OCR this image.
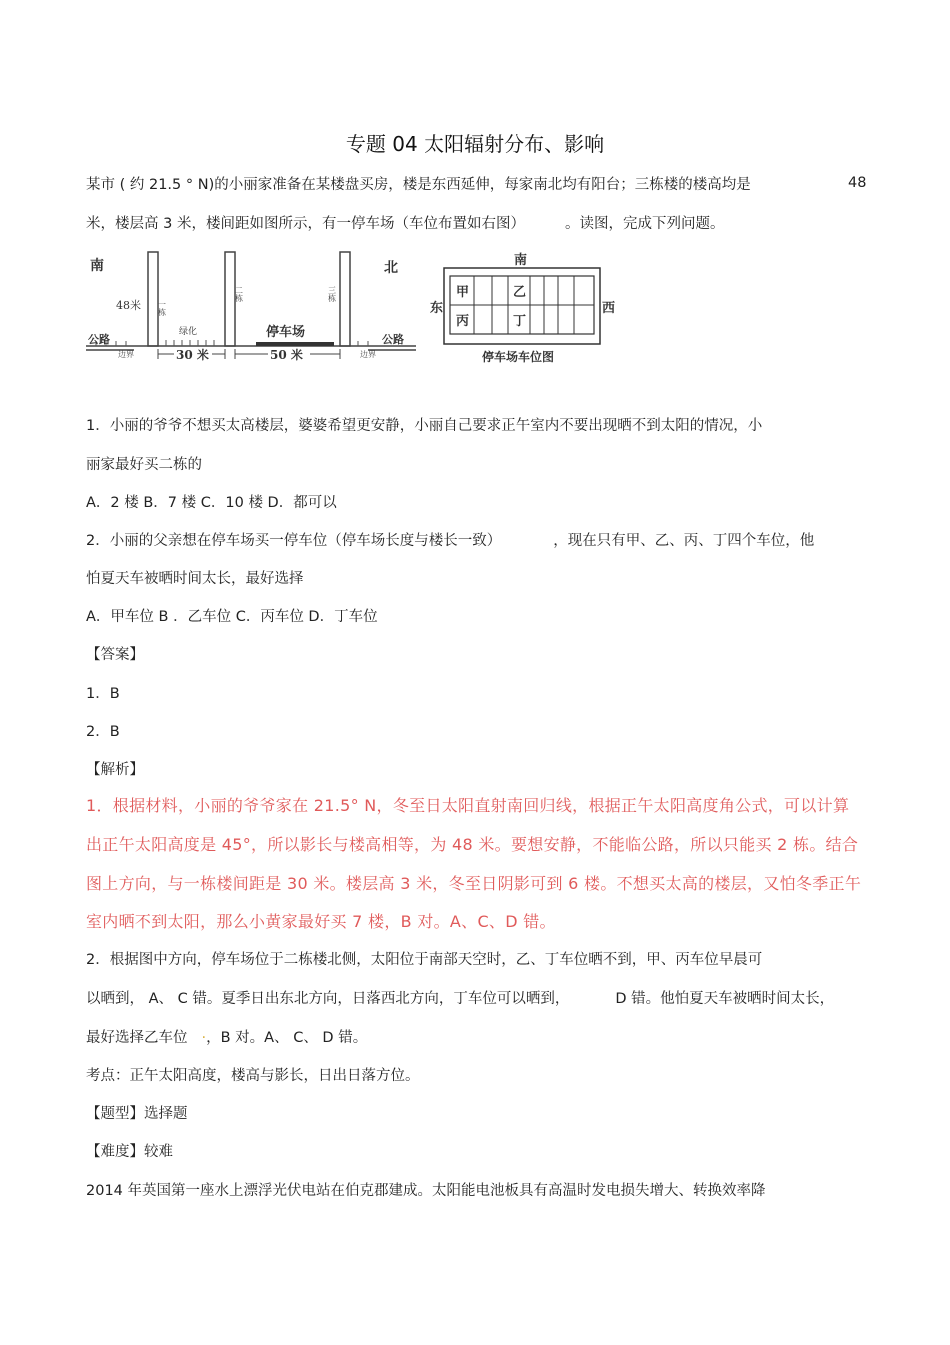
专题 04 太阳辐射分布、影响
某市 ( 约 21.5 ° N)的小丽家准备在某楼盘买房，楼是东西延伸，每家南北均有阳台；三栋楼的楼高均是	48
米，楼层高 3 米，楼间距如图所示，有一停车场（车位布置如右图）	。读图，完成下列问题。
南	北
48米 一栋
二栋	三栋
绿化	停车场
公路	公路
边界	边界
30 米	50 米
南
东	西
甲	乙
丙	丁
停车场车位图
1．小丽的爷爷不想买太高楼层，婆婆希望更安静，小丽自己要求正午室内不要出现晒不到太阳的情况，小
丽家最好买二栋的
A．2 楼 B．7 楼 C．10 楼 D．都可以
2．小丽的父亲想在停车场买一停车位（停车场长度与楼长一致）	，现在只有甲、乙、丙、丁四个车位，他
怕夏天车被晒时间太长，最好选择
A．甲车位 B ．乙车位 C．丙车位 D．丁车位
【答案】
1．B
2．B
【解析】
1．根据材料，小丽的爷爷家在 21.5° N，冬至日太阳直射南回归线，根据正午太阳高度角公式，可以计算
出正午太阳高度是 45°，所以影长与楼高相等，为 48 米。要想安静，不能临公路，所以只能买 2 栋。结合
图上方向，与一栋楼间距是 30 米。楼层高 3 米，冬至日阴影可到 6 楼。不想买太高的楼层，又怕冬季正午
室内晒不到太阳，那么小黄家最好买 7 楼，B 对。A、C、D 错。
2．根据图中方向，停车场位于二栋楼北侧，太阳位于南部天空时，乙、丁车位晒不到，甲、丙车位早晨可
以晒到， A、 C 错。夏季日出东北方向，日落西北方向，丁车位可以晒到，	D 错。他怕夏天车被晒时间太长，
最好选择乙车位 ·，B 对。A、 C、 D 错。
考点：正午太阳高度，楼高与影长，日出日落方位。
【题型】选择题
【难度】较难
2014 年英国第一座水上漂浮光伏电站在伯克郡建成。太阳能电池板具有高温时发电损失增大、转换效率降
